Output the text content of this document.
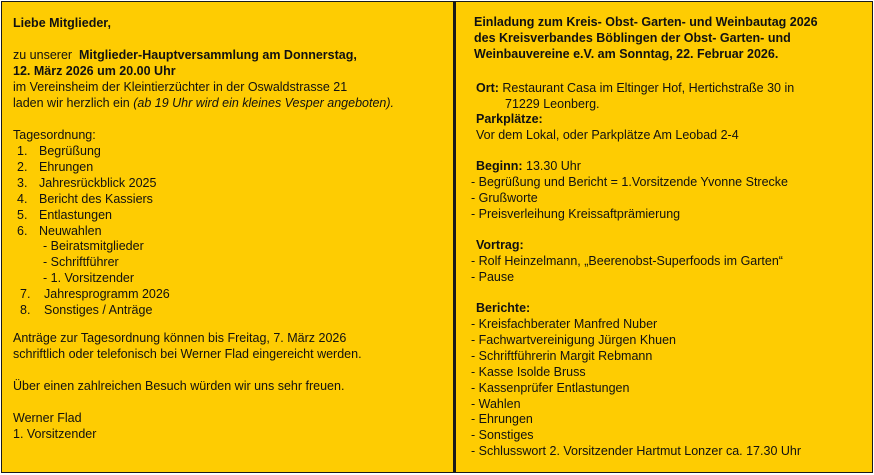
Liebe Mitglieder,
zu unserer  Mitglieder-Hauptversammlung am Donnerstag,
12. März 2026 um 20.00 Uhr
im Vereinsheim der Kleintierzüchter in der Oswaldstrasse 21
laden wir herzlich ein (ab 19 Uhr wird ein kleines Vesper angeboten).
Tagesordnung:
1. Begrüßung
2. Ehrungen
3. Jahresrückblick 2025
4. Bericht des Kassiers
5. Entlastungen
6. Neuwahlen
- Beiratsmitglieder
- Schriftführer
- 1. Vorsitzender
7. Jahresprogramm 2026
8. Sonstiges / Anträge
Anträge zur Tagesordnung können bis Freitag, 7. März 2026
schriftlich oder telefonisch bei Werner Flad eingereicht werden.
Über einen zahlreichen Besuch würden wir uns sehr freuen.
Werner Flad
1. Vorsitzender
Einladung zum Kreis- Obst- Garten- und Weinbautag 2026
des Kreisverbandes Böblingen der Obst- Garten- und
Weinbauvereine e.V. am Sonntag, 22. Februar 2026.
Ort: Restaurant Casa im Eltinger Hof, Hertichstraße 30 in
71229 Leonberg.
Parkplätze:
Vor dem Lokal, oder Parkplätze Am Leobad 2-4
Beginn: 13.30 Uhr
- Begrüßung und Bericht = 1.Vorsitzende Yvonne Strecke
- Grußworte
- Preisverleihung Kreissaftprämierung
Vortrag:
- Rolf Heinzelmann, „Beerenobst-Superfoods im Garten“
- Pause
Berichte:
- Kreisfachberater Manfred Nuber
- Fachwartvereinigung Jürgen Khuen
- Schriftführerin Margit Rebmann
- Kasse Isolde Bruss
- Kassenprüfer Entlastungen
- Wahlen
- Ehrungen
- Sonstiges
- Schlusswort 2. Vorsitzender Hartmut Lonzer ca. 17.30 Uhr
